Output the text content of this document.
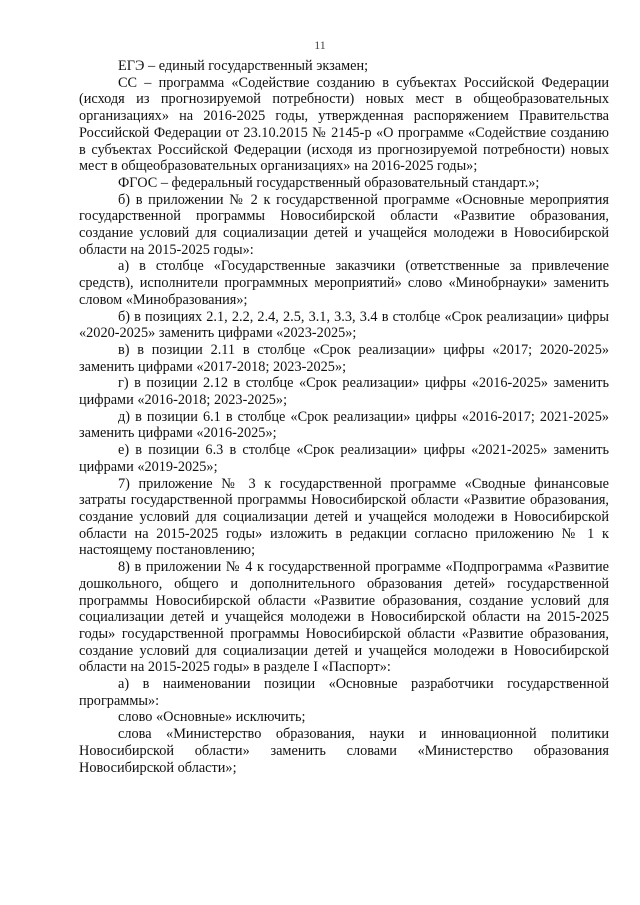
11

ЕГЭ – единый государственный экзамен;

СС – программа «Содействие созданию в субъектах Российской Федерации (исходя из прогнозируемой потребности) новых мест в общеобразовательных организациях» на 2016-2025 годы, утвержденная распоряжением Правительства Российской Федерации от 23.10.2015 № 2145-р «О программе «Содействие созданию в субъектах Российской Федерации (исходя из прогнозируемой потребности) новых мест в общеобразовательных организациях» на 2016-2025 годы»;

ФГОС – федеральный государственный образовательный стандарт.»;

б) в приложении № 2 к государственной программе «Основные мероприятия государственной программы Новосибирской области «Развитие образования, создание условий для социализации детей и учащейся молодежи в Новосибирской области на 2015-2025 годы»:

а) в столбце «Государственные заказчики (ответственные за привлечение средств), исполнители программных мероприятий» слово «Минобрнауки» заменить словом «Минобразования»;

б) в позициях 2.1, 2.2, 2.4, 2.5, 3.1, 3.3, 3.4 в столбце «Срок реализации» цифры «2020-2025» заменить цифрами «2023-2025»;

в) в позиции 2.11 в столбце «Срок реализации» цифры «2017; 2020-2025» заменить цифрами «2017-2018; 2023-2025»;

г) в позиции 2.12 в столбце «Срок реализации» цифры «2016-2025» заменить цифрами «2016-2018; 2023-2025»;

д) в позиции 6.1 в столбце «Срок реализации» цифры «2016-2017; 2021-2025» заменить цифрами «2016-2025»;

е) в позиции 6.3 в столбце «Срок реализации» цифры «2021-2025» заменить цифрами «2019-2025»;

7) приложение № 3 к государственной программе «Сводные финансовые затраты государственной программы Новосибирской области «Развитие образования, создание условий для социализации детей и учащейся молодежи в Новосибирской области на 2015-2025 годы» изложить в редакции согласно приложению № 1 к настоящему постановлению;

8) в приложении № 4 к государственной программе «Подпрограмма «Развитие дошкольного, общего и дополнительного образования детей» государственной программы Новосибирской области «Развитие образования, создание условий для социализации детей и учащейся молодежи в Новосибирской области на 2015-2025 годы» государственной программы Новосибирской области «Развитие образования, создание условий для социализации детей и учащейся молодежи в Новосибирской области на 2015-2025 годы» в разделе I «Паспорт»:

а) в наименовании позиции «Основные разработчики государственной программы»:

слово «Основные» исключить;

слова «Министерство образования, науки и инновационной политики Новосибирской области» заменить словами «Министерство образования Новосибирской области»;
